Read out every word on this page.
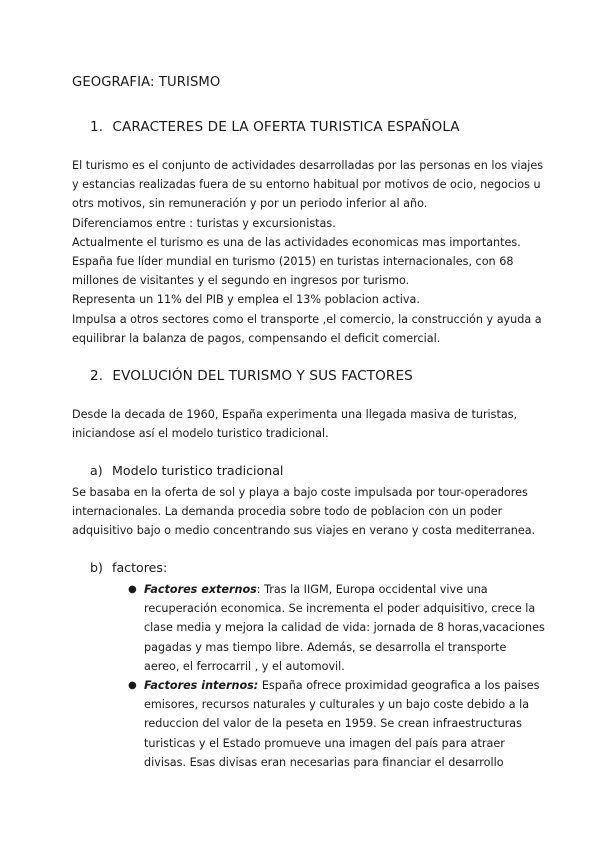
GEOGRAFIA: TURISMO
1. CARACTERES DE LA OFERTA TURISTICA ESPAÑOLA
El turismo es el conjunto de actividades desarrolladas por las personas en los viajes
y estancias realizadas fuera de su entorno habitual por motivos de ocio, negocios u
otrs motivos, sin remuneración y por un periodo inferior al año.
Diferenciamos entre : turistas y excursionistas.
Actualmente el turismo es una de las actividades economicas mas importantes.
España fue líder mundial en turismo (2015) en turistas internacionales, con 68
millones de visitantes y el segundo en ingresos por turismo.
Representa un 11% del PIB y emplea el 13% poblacion activa.
Impulsa a otros sectores como el transporte ,el comercio, la construcción y ayuda a
equilibrar la balanza de pagos, compensando el deficit comercial.
2. EVOLUCIÓN DEL TURISMO Y SUS FACTORES
Desde la decada de 1960, España experimenta una llegada masiva de turistas,
iniciandose así el modelo turistico tradicional.
a) Modelo turistico tradicional
Se basaba en la oferta de sol y playa a bajo coste impulsada por tour-operadores
internacionales. La demanda procedia sobre todo de poblacion con un poder
adquisitivo bajo o medio concentrando sus viajes en verano y costa mediterranea.
b) factores:
● Factores externos: Tras la IIGM, Europa occidental vive una
recuperación economica. Se incrementa el poder adquisitivo, crece la
clase media y mejora la calidad de vida: jornada de 8 horas,vacaciones
pagadas y mas tiempo libre. Además, se desarrolla el transporte
aereo, el ferrocarril , y el automovil.
● Factores internos: España ofrece proximidad geografica a los paises
emisores, recursos naturales y culturales y un bajo coste debido a la
reduccion del valor de la peseta en 1959. Se crean infraestructuras
turisticas y el Estado promueve una imagen del país para atraer
divisas. Esas divisas eran necesarias para financiar el desarrollo
